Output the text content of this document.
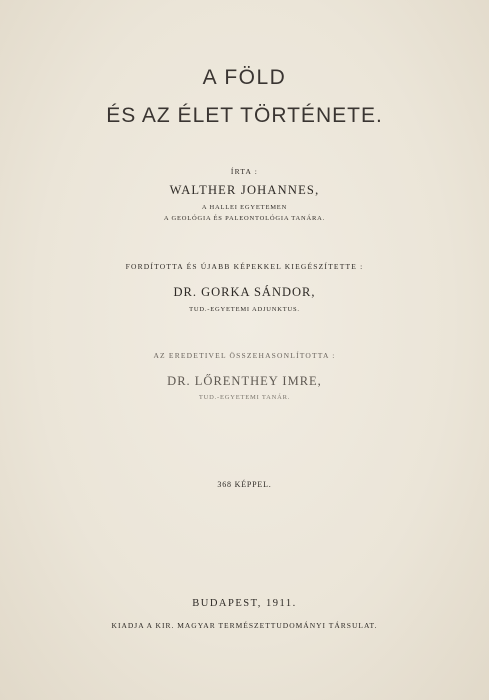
A FÖLD
ÉS AZ ÉLET TÖRTÉNETE.
ÍRTA :
WALTHER JOHANNES,
A HALLEI EGYETEMEN
A GEOLÓGIA ÉS PALEONTOLÓGIA TANÁRA.
FORDÍTOTTA ÉS ÚJABB KÉPEKKEL KIEGÉSZÍTETTE :
DR. GORKA SÁNDOR,
TUD.-EGYETEMI ADJUNKTUS.
AZ EREDETIVEL ÖSSZEHASONLÍTOTTA :
DR. LŐRENTHEY IMRE,
TUD.-EGYETEMI TANÁR.
368 KÉPPEL.
BUDAPEST, 1911.
KIADJA A KIR. MAGYAR TERMÉSZETTUDOMÁNYI TÁRSULAT.
